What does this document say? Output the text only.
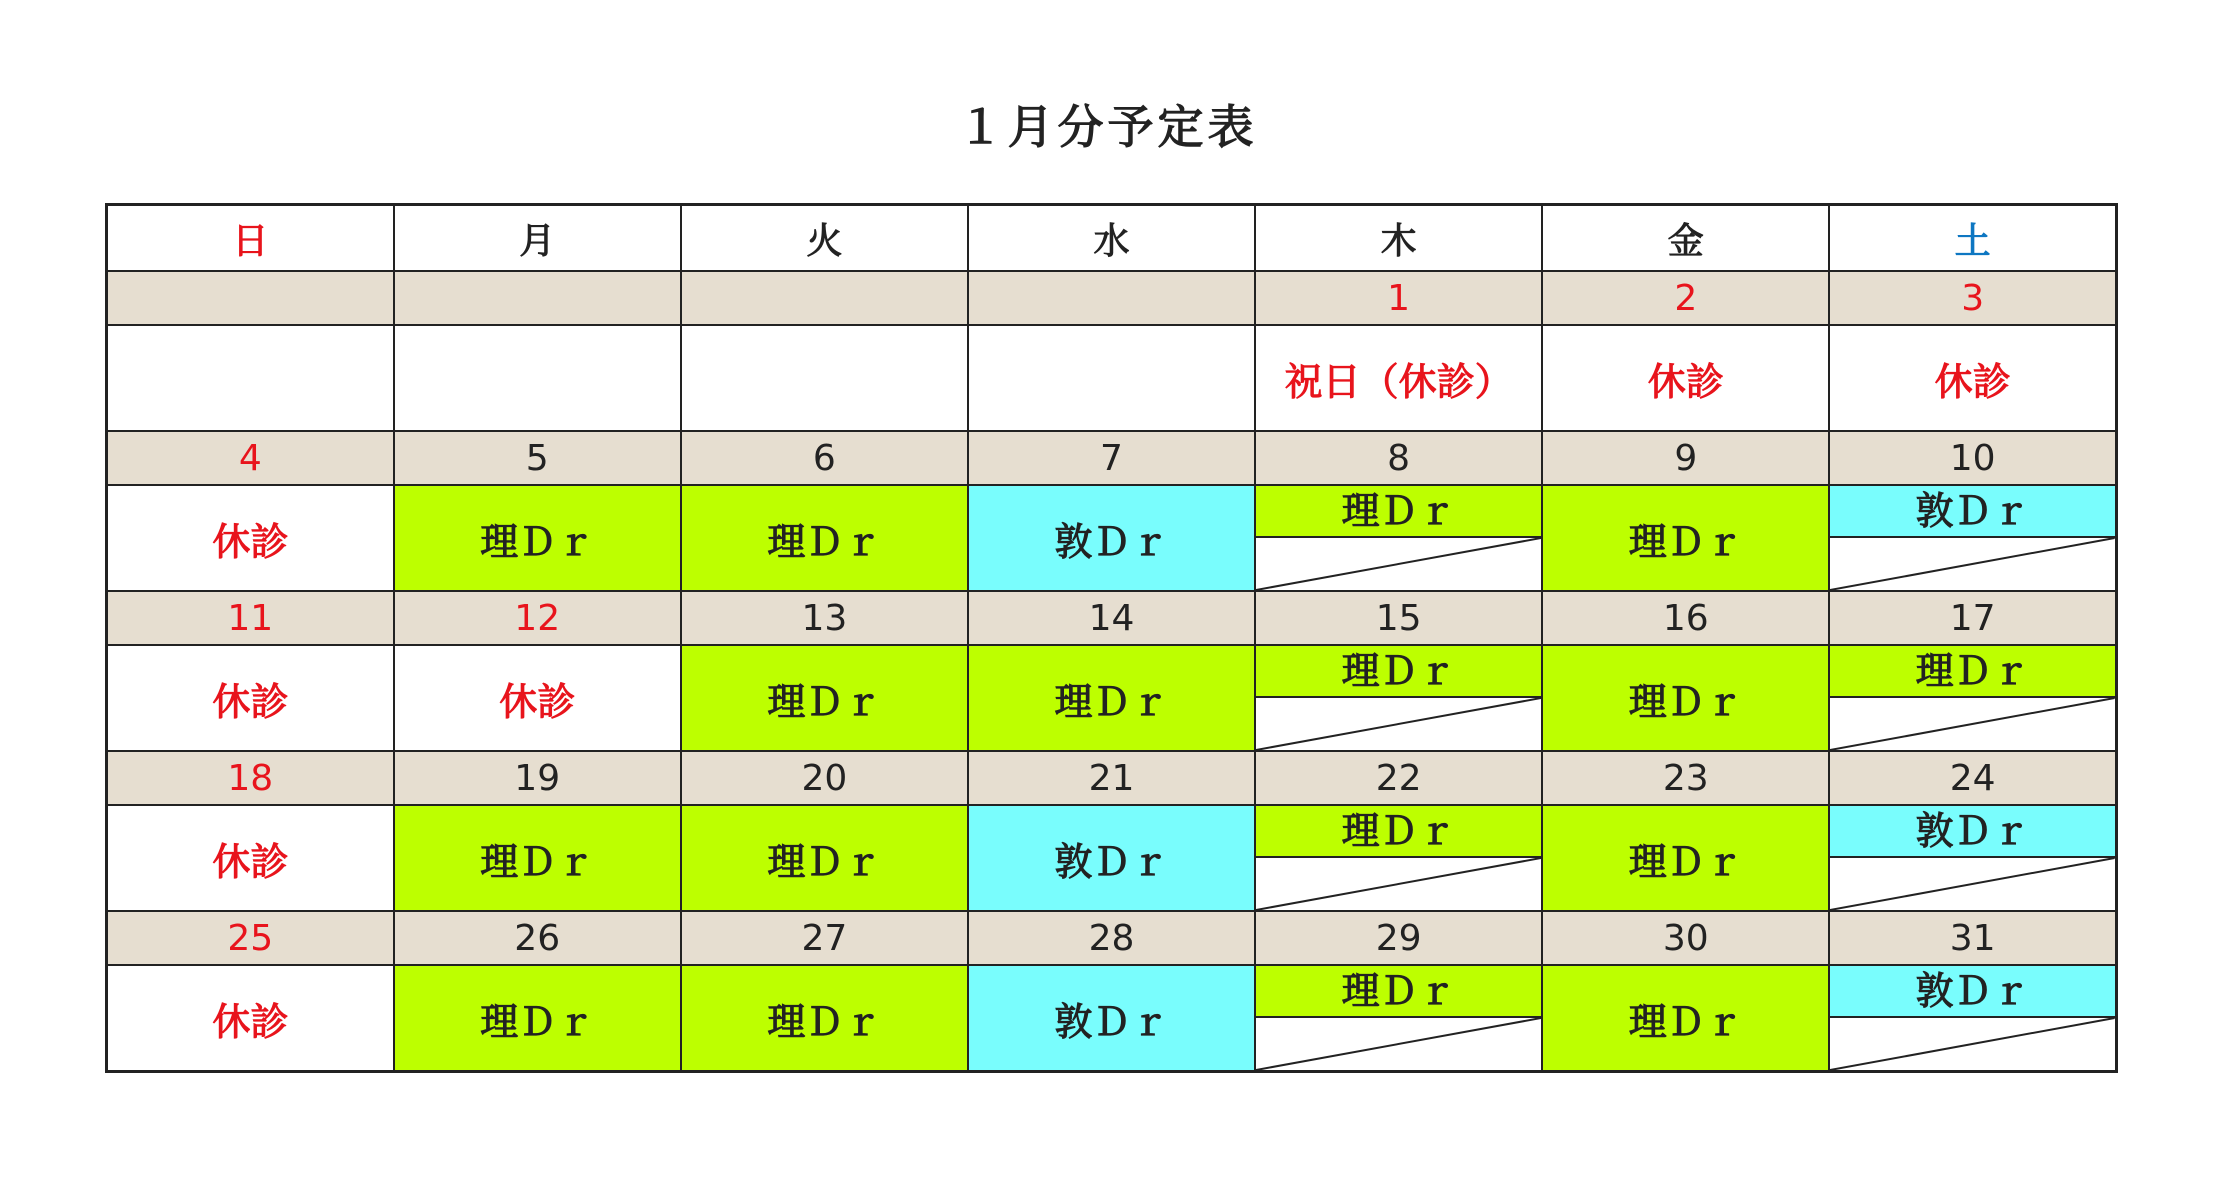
１月分予定表
日	月	火	水	木	金	土
				1	2	3
				祝日（休診）	休診	休診
4	5	6	7	8	9	10
休診	理Ｄｒ	理Ｄｒ	敦Ｄｒ	理Ｄｒ	理Ｄｒ	敦Ｄｒ

11	12	13	14	15	16	17
休診	休診	理Ｄｒ	理Ｄｒ	理Ｄｒ	理Ｄｒ	理Ｄｒ

18	19	20	21	22	23	24
休診	理Ｄｒ	理Ｄｒ	敦Ｄｒ	理Ｄｒ	理Ｄｒ	敦Ｄｒ

25	26	27	28	29	30	31
休診	理Ｄｒ	理Ｄｒ	敦Ｄｒ	理Ｄｒ	理Ｄｒ	敦Ｄｒ
